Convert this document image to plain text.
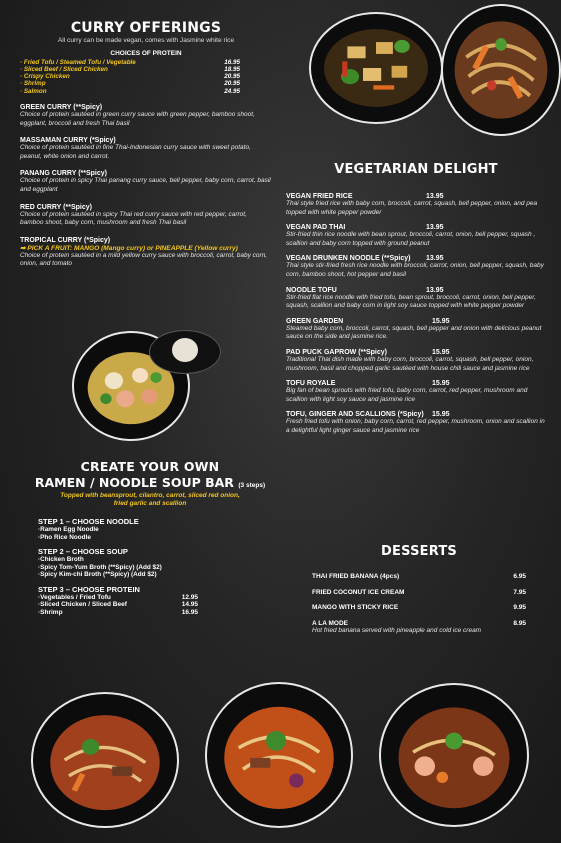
CURRY OFFERINGS
All curry can be made vegan, comes with Jasmine white rice
CHOICES OF PROTEIN
· Fried Tofu / Steamed Tofu / Vegetable	16.95
· Sliced Beef / Sliced Chicken	18.95
· Crispy Chicken	20.95
· Shrimp	20.95
· Salmon	24.95
GREEN CURRY (**Spicy)
Choice of protein sautéed in green curry sauce with green pepper, bamboo shoot, eggplant, broccoli and fresh Thai basil
MASSAMAN CURRY (*Spicy)
Choice of protein sautéed in fine Thai-Indonesian curry sauce with sweet potato, peanut, white onion and carrot.
PANANG CURRY (**Spicy)
Choice of protein in spicy Thai panang curry sauce, bell pepper, baby corn, carrot, basil and eggplant
RED CURRY (**Spicy)
Choice of protein sautéed in spicy Thai red curry sauce with red pepper, carrot, bamboo shoot, baby corn, mushroom and fresh Thai basil
TROPICAL CURRY (*Spicy)
➡ PICK A FRUIT: MANGO (Mango curry) or PINEAPPLE (Yellow curry)
Choice of protein sautéed in a mild yellow curry sauce with broccoli, carrot, baby corn, onion, and tomato
CREATE YOUR OWN
RAMEN / NOODLE SOUP BAR (3 steps)
Topped with beansprout, cilantro, carrot, sliced red onion, fried garlic and scallion
STEP 1 – CHOOSE NOODLE
·Ramen Egg Noodle
·Pho Rice Noodle
STEP 2 – CHOOSE SOUP
·Chicken Broth
·Spicy Tom-Yum Broth (**Spicy) (Add $2)
·Spicy Kim-chi Broth (**Spicy) (Add $2)
STEP 3 – CHOOSE PROTEIN
·Vegetables / Fried Tofu	12.95
·Sliced Chicken / Sliced Beef	14.95
·Shrimp	16.95
VEGETARIAN DELIGHT
VEGAN FRIED RICE	13.95
Thai style fried rice with baby corn, broccoli, carrot, squash, bell pepper, onion, and pea topped with white pepper powder
VEGAN PAD THAI	13.95
Stir-fried thin rice noodle with bean sprout, broccoli, carrot, onion, bell pepper, squash , scallion and baby corn topped with ground peanut
VEGAN DRUNKEN NOODLE (**Spicy)	13.95
Thai style stir-fried fresh rice noodle with broccoli, carrot, onion, bell pepper, squash, baby corn, bamboo shoot, hot pepper and basil
NOODLE TOFU	13.95
Stir-fried flat rice noodle with fried tofu, bean sprout, broccoli, carrot, onion, bell pepper, squash, scallion and baby corn in light soy sauce topped with white pepper powder
GREEN GARDEN	15.95
Steamed baby corn, broccoli, carrot, squash, bell pepper and onion with delicious peanut sauce on the side and jasmine rice.
PAD PUCK GAPROW (**Spicy)	15.95
Traditional Thai dish made with baby corn, broccoli, carrot, squash, bell pepper, onion, mushroom, basil and chopped garlic sautéed with house chili sauce and jasmine rice
TOFU ROYALE	15.95
Big fan of bean sprouts with fried tofu, baby corn, carrot, red pepper, mushroom and scallion with light soy sauce and jasmine rice
TOFU, GINGER AND SCALLIONS (*Spicy)	15.95
Fresh fried tofu with onion, baby corn, carrot, red pepper, mushroom, onion and scallion in a delightful light ginger sauce and jasmine rice
DESSERTS
THAI FRIED BANANA (4pcs)	6.95
FRIED COCONUT ICE CREAM	7.95
MANGO WITH STICKY RICE	9.95
A LA MODE	8.95
Hot fried banana served with pineapple and cold ice cream
